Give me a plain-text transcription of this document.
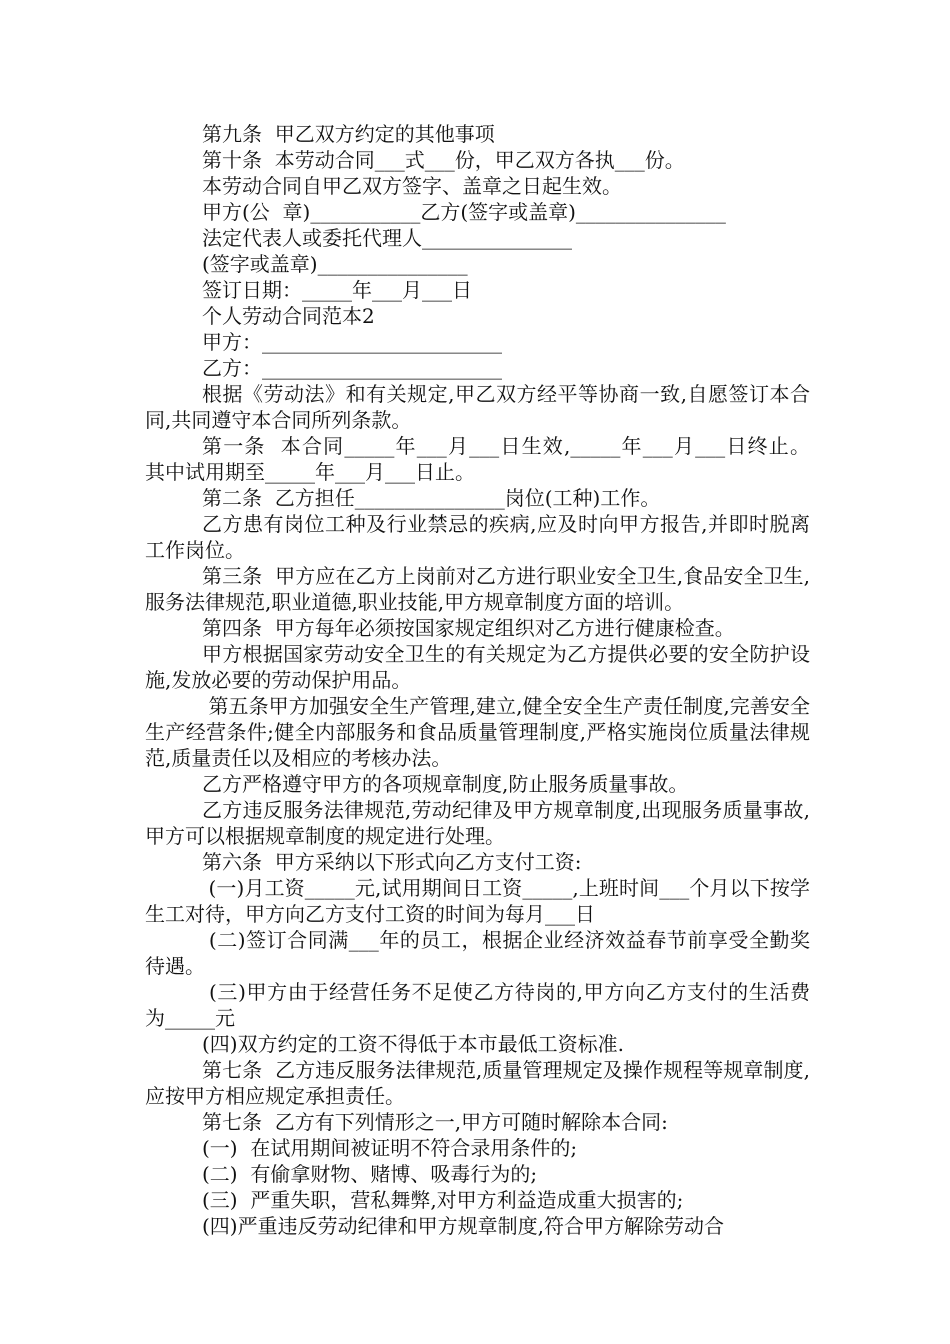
第九条  甲乙双方约定的其他事项

第十条  本劳动合同___式___份，甲乙双方各执___份。

本劳动合同自甲乙双方签字、盖章之日起生效。

甲方(公  章)___________乙方(签字或盖章)_______________

法定代表人或委托代理人_______________

(签字或盖章)_______________

签订日期：_____年___月___日

个人劳动合同范本2

甲方：________________________

乙方：________________________

根据《劳动法》和有关规定,甲乙双方经平等协商一致,自愿签订本合同,共同遵守本合同所列条款。

第一条  本合同_____年___月___日生效,_____年___月___日终止。  其中试用期至_____年___月___日止。

第二条  乙方担任_______________岗位(工种)工作。

乙方患有岗位工种及行业禁忌的疾病,应及时向甲方报告,并即时脱离工作岗位。

第三条  甲方应在乙方上岗前对乙方进行职业安全卫生,食品安全卫生,服务法律规范,职业道德,职业技能,甲方规章制度方面的培训。

第四条  甲方每年必须按国家规定组织对乙方进行健康检查。

甲方根据国家劳动安全卫生的有关规定为乙方提供必要的安全防护设施,发放必要的劳动保护用品。

第五条甲方加强安全生产管理,建立,健全安全生产责任制度,完善安全生产经营条件;健全内部服务和食品质量管理制度,严格实施岗位质量法律规范,质量责任以及相应的考核办法。

乙方严格遵守甲方的各项规章制度,防止服务质量事故。

乙方违反服务法律规范,劳动纪律及甲方规章制度,出现服务质量事故,甲方可以根据规章制度的规定进行处理。

第六条  甲方采纳以下形式向乙方支付工资:

(一)月工资_____元,试用期间日工资_____,上班时间___个月以下按学生工对待，甲方向乙方支付工资的时间为每月___日

(二)签订合同满___年的员工，根据企业经济效益春节前享受全勤奖待遇。

(三)甲方由于经营任务不足使乙方待岗的,甲方向乙方支付的生活费为_____元

(四)双方约定的工资不得低于本市最低工资标准.

第七条  乙方违反服务法律规范,质量管理规定及操作规程等规章制度,应按甲方相应规定承担责任。

第七条  乙方有下列情形之一,甲方可随时解除本合同:

(一)  在试用期间被证明不符合录用条件的;

(二)  有偷拿财物、赌博、吸毒行为的;

(三)  严重失职，营私舞弊,对甲方利益造成重大损害的;

(四)严重违反劳动纪律和甲方规章制度,符合甲方解除劳动合
